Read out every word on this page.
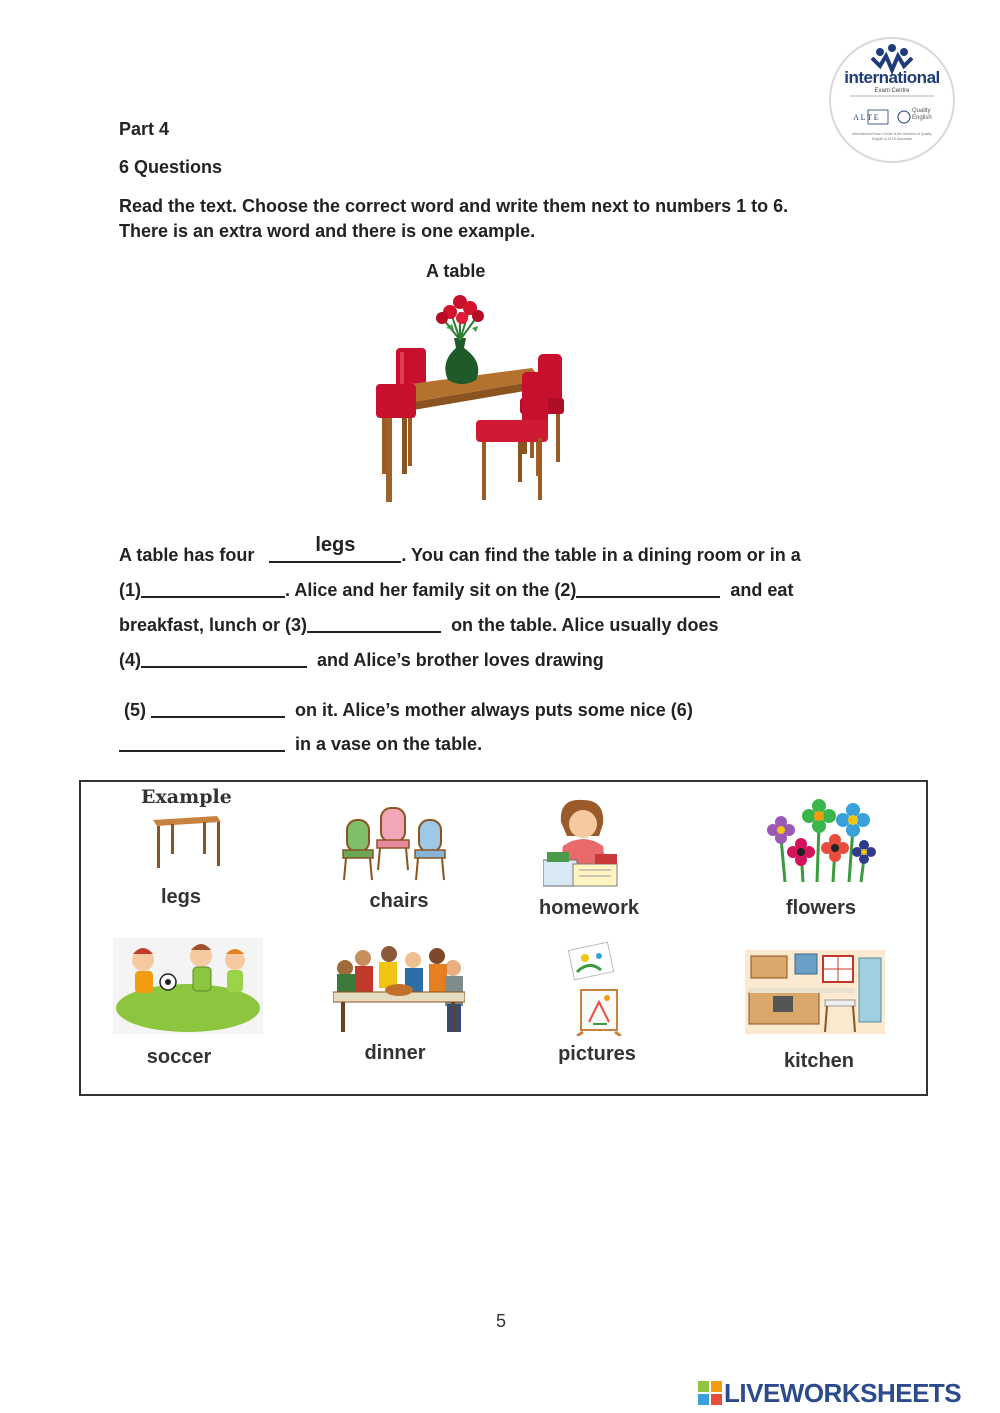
international
Exam Centre
A L T E
Quality English
International Exam Centre is the member of Quality English & ALTE Associate
Part 4
6 Questions
Read the text. Choose the correct word and write them next to numbers 1 to 6.
There is an extra word and there is one example.
A table
A table has four	legs	. You can find the table in a dining room or in a
(1)	. Alice and her family sit on the (2)	and eat
breakfast, lunch or (3)	on the table. Alice usually does
(4)	and Alice’s brother loves drawing
(5)	on it. Alice’s mother always puts some nice (6)
in a vase on the table.
Example
legs	chairs	homework	flowers
soccer	dinner	pictures	kitchen
5
LIVEWORKSHEETS
